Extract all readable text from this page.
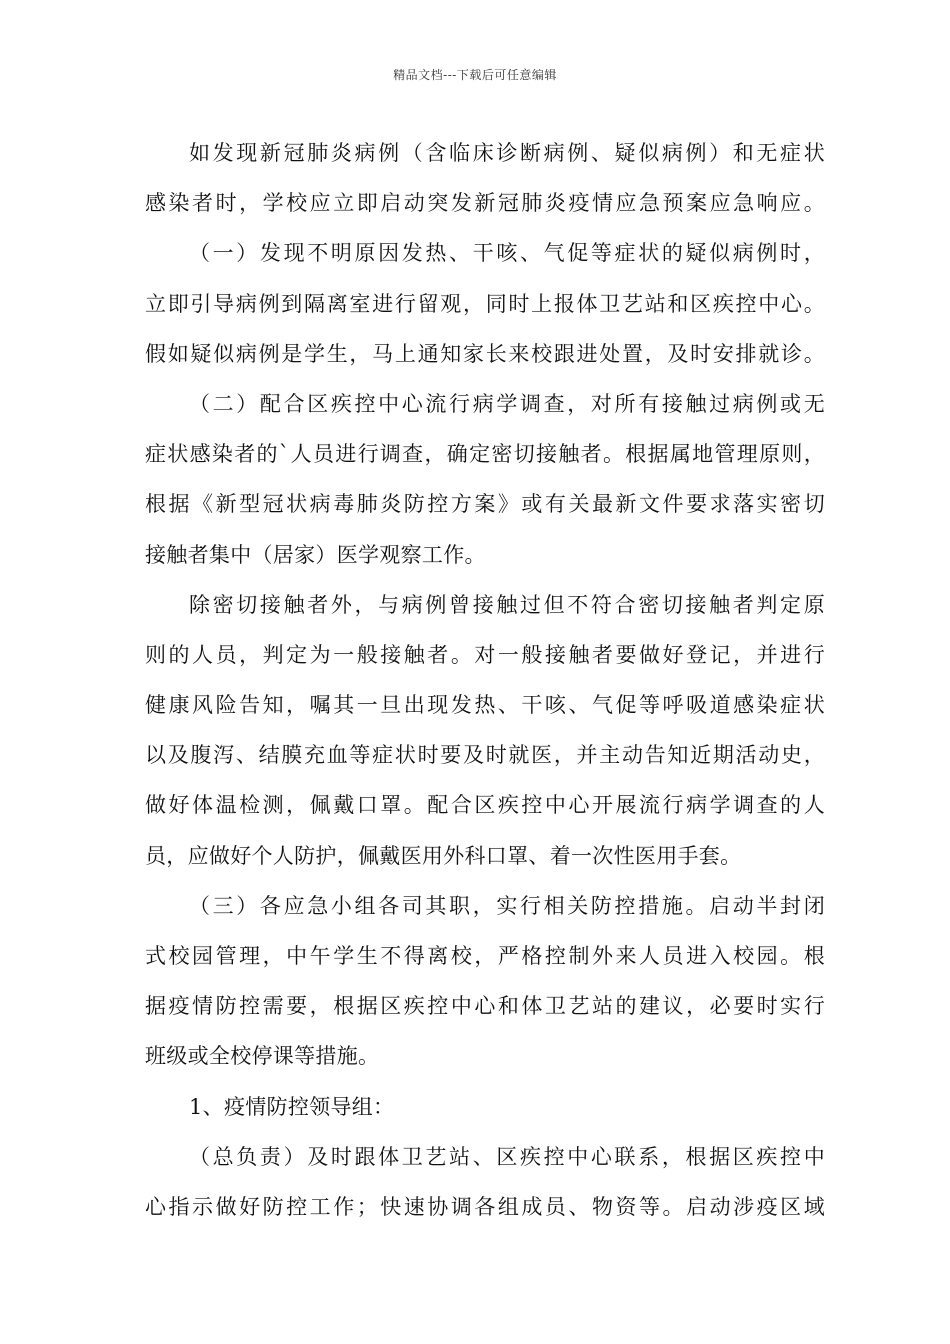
精品文档---下载后可任意编辑
如发现新冠肺炎病例（含临床诊断病例、疑似病例）和无症状
感染者时，学校应立即启动突发新冠肺炎疫情应急预案应急响应。
（一）发现不明原因发热、干咳、气促等症状的疑似病例时，
立即引导病例到隔离室进行留观，同时上报体卫艺站和区疾控中心。
假如疑似病例是学生，马上通知家长来校跟进处置，及时安排就诊。
（二）配合区疾控中心流行病学调查，对所有接触过病例或无
症状感染者的`人员进行调查，确定密切接触者。根据属地管理原则，
根据《新型冠状病毒肺炎防控方案》或有关最新文件要求落实密切
接触者集中（居家）医学观察工作。
除密切接触者外，与病例曾接触过但不符合密切接触者判定原
则的人员，判定为一般接触者。对一般接触者要做好登记，并进行
健康风险告知，嘱其一旦出现发热、干咳、气促等呼吸道感染症状
以及腹泻、结膜充血等症状时要及时就医，并主动告知近期活动史，
做好体温检测，佩戴口罩。配合区疾控中心开展流行病学调查的人
员，应做好个人防护，佩戴医用外科口罩、着一次性医用手套。
（三）各应急小组各司其职，实行相关防控措施。启动半封闭
式校园管理，中午学生不得离校，严格控制外来人员进入校园。根
据疫情防控需要，根据区疾控中心和体卫艺站的建议，必要时实行
班级或全校停课等措施。
1、疫情防控领导组：
（总负责）及时跟体卫艺站、区疾控中心联系，根据区疾控中
心指示做好防控工作；快速协调各组成员、物资等。启动涉疫区域
